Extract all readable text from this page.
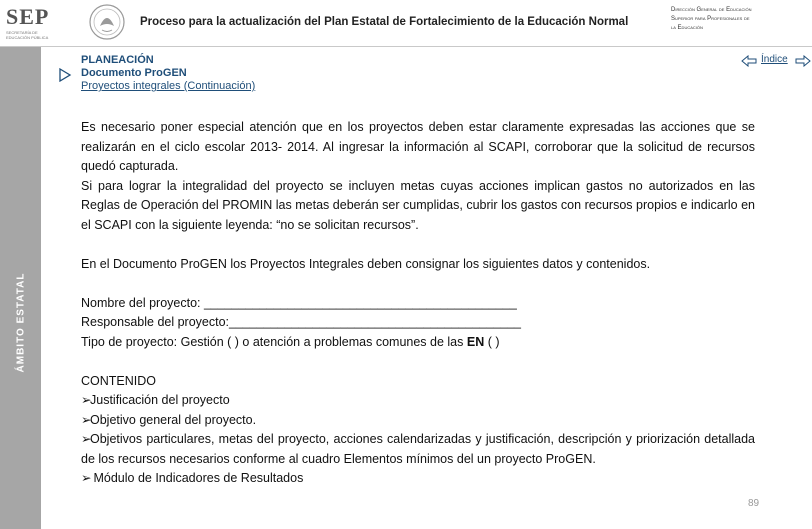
SEP
SECRETARÍA DE
EDUCACIÓN PÚBLICA
Proceso para la actualización del Plan Estatal de Fortalecimiento de la Educación Normal
Dirección General de Educación
Superior para Profesionales de
la Educación
ÁMBITO ESTATAL
PLANEACIÓN
Documento ProGEN
Proyectos integrales (Continuación)
Índice

Es necesario poner especial atención que en los proyectos deben estar claramente expresadas las acciones que se realizarán en el ciclo escolar 2013- 2014. Al ingresar la información al SCAPI, corroborar que la solicitud de recursos quedó capturada.

Si para lograr la integralidad del proyecto se incluyen metas cuyas acciones implican gastos no autorizados en las Reglas de Operación del PROMIN las metas deberán ser cumplidas, cubrir los gastos con recursos propios e indicarlo en el SCAPI con la siguiente leyenda: “no se solicitan recursos”.

En el Documento ProGEN los Proyectos Integrales deben consignar los siguientes datos y contenidos.

Nombre del proyecto: _____________________________________________

Responsable del proyecto:__________________________________________

Tipo de proyecto: Gestión ( ) o atención a problemas comunes de las EN ( )

CONTENIDO

➢Justificación del proyecto

➢Objetivo general del proyecto.

➢Objetivos particulares, metas del proyecto, acciones calendarizadas y justificación, descripción y priorización detallada de los recursos necesarios conforme al cuadro Elementos mínimos del un proyecto ProGEN.

➢ Módulo de Indicadores de Resultados

89
